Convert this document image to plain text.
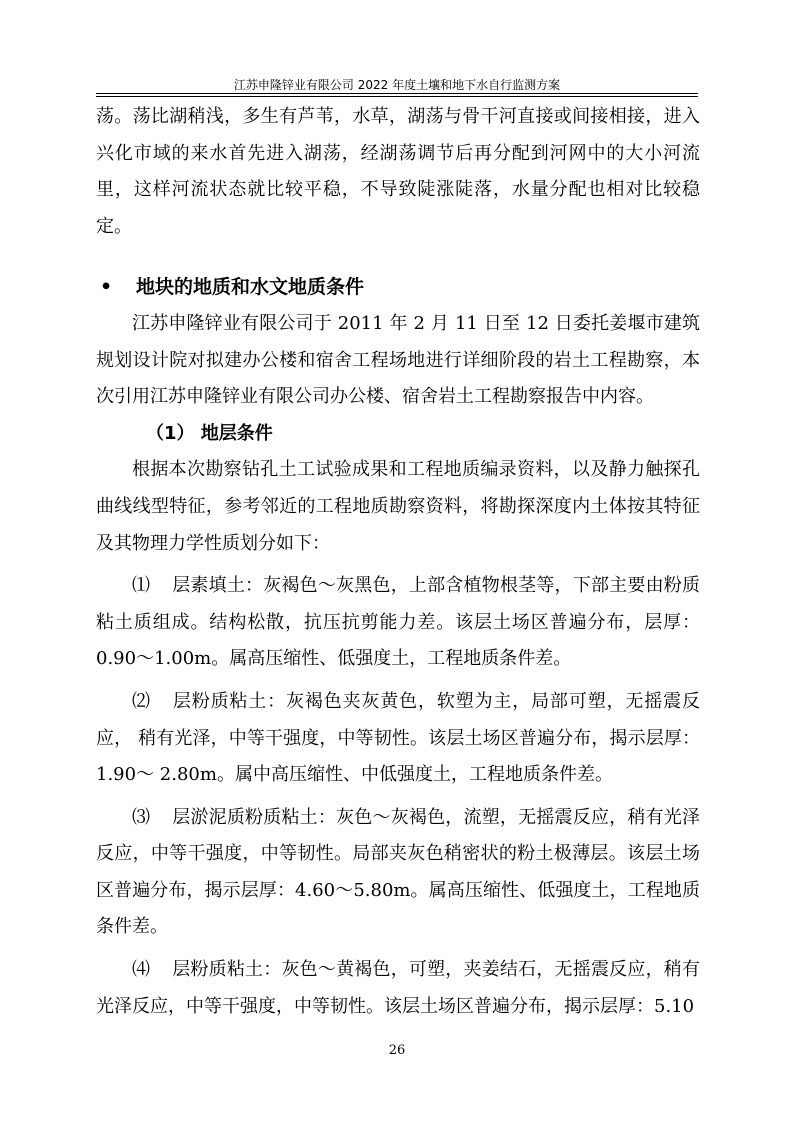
江苏申隆锌业有限公司 2022 年度土壤和地下水自行监测方案

荡。荡比湖稍浅，多生有芦苇，水草，湖荡与骨干河直接或间接相接，进入兴化市域的来水首先进入湖荡，经湖荡调节后再分配到河网中的大小河流里，这样河流状态就比较平稳，不导致陡涨陡落，水量分配也相对比较稳定。

• 地块的地质和水文地质条件

江苏申隆锌业有限公司于 2011 年 2 月 11 日至 12 日委托姜堰市建筑规划设计院对拟建办公楼和宿舍工程场地进行详细阶段的岩土工程勘察，本次引用江苏申隆锌业有限公司办公楼、宿舍岩土工程勘察报告中内容。

（1） 地层条件

根据本次勘察钻孔土工试验成果和工程地质编录资料，以及静力触探孔曲线线型特征，参考邻近的工程地质勘察资料，将勘探深度内土体按其特征及其物理力学性质划分如下：

⑴ 层素填土：灰褐色～灰黑色，上部含植物根茎等，下部主要由粉质粘土质组成。结构松散，抗压抗剪能力差。该层土场区普遍分布，层厚： 0.90～1.00m。属高压缩性、低强度土，工程地质条件差。

⑵ 层粉质粘土：灰褐色夹灰黄色，软塑为主，局部可塑，无摇震反应， 稍有光泽，中等干强度，中等韧性。该层土场区普遍分布，揭示层厚：1.90～ 2.80m。属中高压缩性、中低强度土，工程地质条件差。

⑶ 层淤泥质粉质粘土：灰色～灰褐色，流塑，无摇震反应，稍有光泽反应，中等干强度，中等韧性。局部夹灰色稍密状的粉土极薄层。该层土场区普遍分布，揭示层厚：4.60～5.80m。属高压缩性、低强度土，工程地质条件差。

⑷ 层粉质粘土：灰色～黄褐色，可塑，夹姜结石，无摇震反应，稍有光泽反应，中等干强度，中等韧性。该层土场区普遍分布，揭示层厚：5.10

26
